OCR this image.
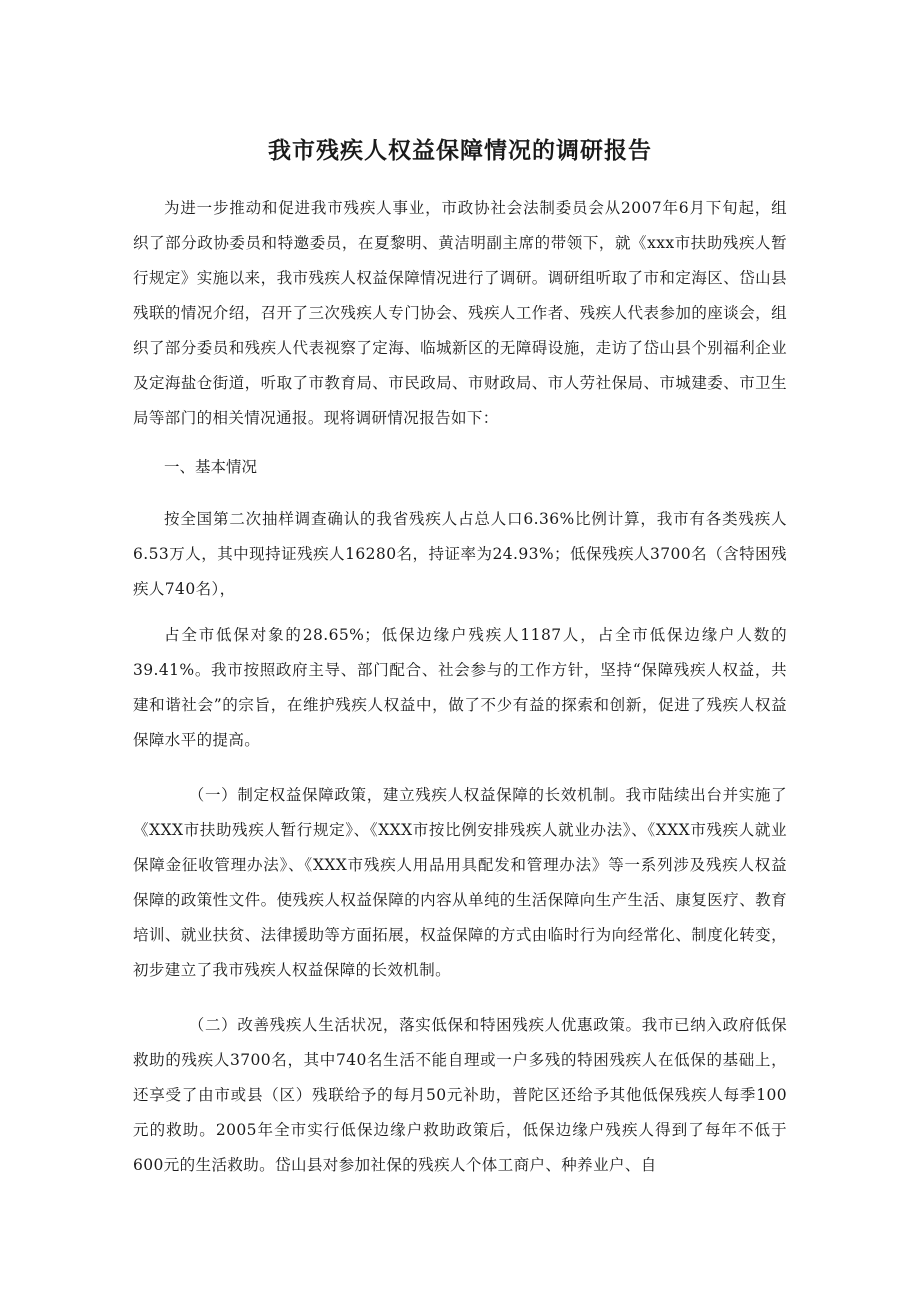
我市残疾人权益保障情况的调研报告

为进一步推动和促进我市残疾人事业，市政协社会法制委员会从2007年6月下旬起，组织了部分政协委员和特邀委员，在夏黎明、黄洁明副主席的带领下，就《xxx市扶助残疾人暂行规定》实施以来，我市残疾人权益保障情况进行了调研。调研组听取了市和定海区、岱山县残联的情况介绍，召开了三次残疾人专门协会、残疾人工作者、残疾人代表参加的座谈会，组织了部分委员和残疾人代表视察了定海、临城新区的无障碍设施，走访了岱山县个别福利企业及定海盐仓街道，听取了市教育局、市民政局、市财政局、市人劳社保局、市城建委、市卫生局等部门的相关情况通报。现将调研情况报告如下：

一、基本情况

按全国第二次抽样调查确认的我省残疾人占总人口6.36%比例计算，我市有各类残疾人6.53万人，其中现持证残疾人16280名，持证率为24.93%；低保残疾人3700名（含特困残疾人740名），

占全市低保对象的28.65%；低保边缘户残疾人1187人，占全市低保边缘户人数的39.41%。我市按照政府主导、部门配合、社会参与的工作方针，坚持“保障残疾人权益，共建和谐社会”的宗旨，在维护残疾人权益中，做了不少有益的探索和创新，促进了残疾人权益保障水平的提高。

（一）制定权益保障政策，建立残疾人权益保障的长效机制。我市陆续出台并实施了《XXX市扶助残疾人暂行规定》、《XXX市按比例安排残疾人就业办法》、《XXX市残疾人就业保障金征收管理办法》、《XXX市残疾人用品用具配发和管理办法》等一系列涉及残疾人权益保障的政策性文件。使残疾人权益保障的内容从单纯的生活保障向生产生活、康复医疗、教育培训、就业扶贫、法律援助等方面拓展，权益保障的方式由临时行为向经常化、制度化转变，初步建立了我市残疾人权益保障的长效机制。

（二）改善残疾人生活状况，落实低保和特困残疾人优惠政策。我市已纳入政府低保救助的残疾人3700名，其中740名生活不能自理或一户多残的特困残疾人在低保的基础上，还享受了由市或县（区）残联给予的每月50元补助，普陀区还给予其他低保残疾人每季100元的救助。2005年全市实行低保边缘户救助政策后，低保边缘户残疾人得到了每年不低于600元的生活救助。岱山县对参加社保的残疾人个体工商户、种养业户、自
